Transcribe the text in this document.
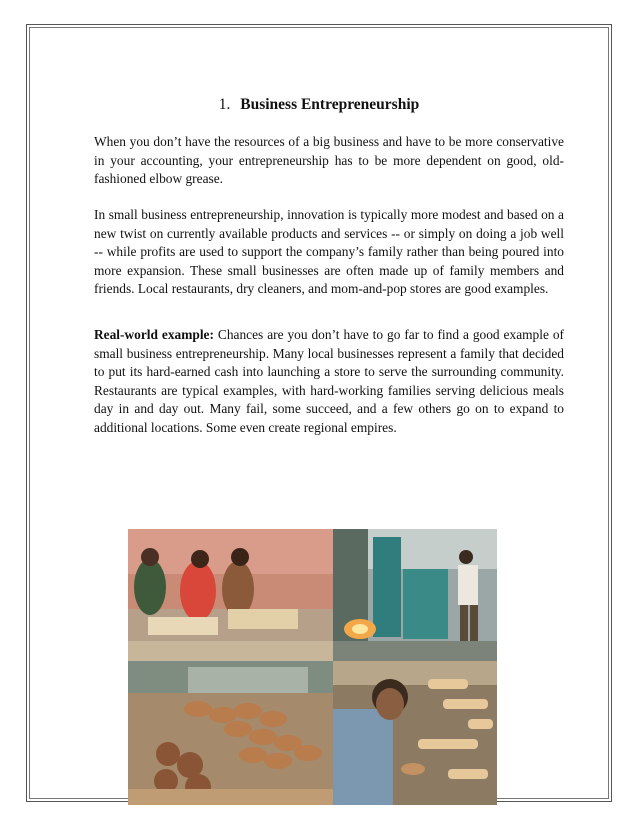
1. Business Entrepreneurship

When you don’t have the resources of a big business and have to be more conservative in your accounting, your entrepreneurship has to be more dependent on good, old-fashioned elbow grease.

In small business entrepreneurship, innovation is typically more modest and based on a new twist on currently available products and services -- or simply on doing a job well -- while profits are used to support the company’s family rather than being poured into more expansion. These small businesses are often made up of family members and friends. Local restaurants, dry cleaners, and mom-and-pop stores are good examples.

Real-world example: Chances are you don’t have to go far to find a good example of small business entrepreneurship. Many local businesses represent a family that decided to put its hard-earned cash into launching a store to serve the surrounding community. Restaurants are typical examples, with hard-working families serving delicious meals day in and day out. Many fail, some succeed, and a few others go on to expand to additional locations. Some even create regional empires.
